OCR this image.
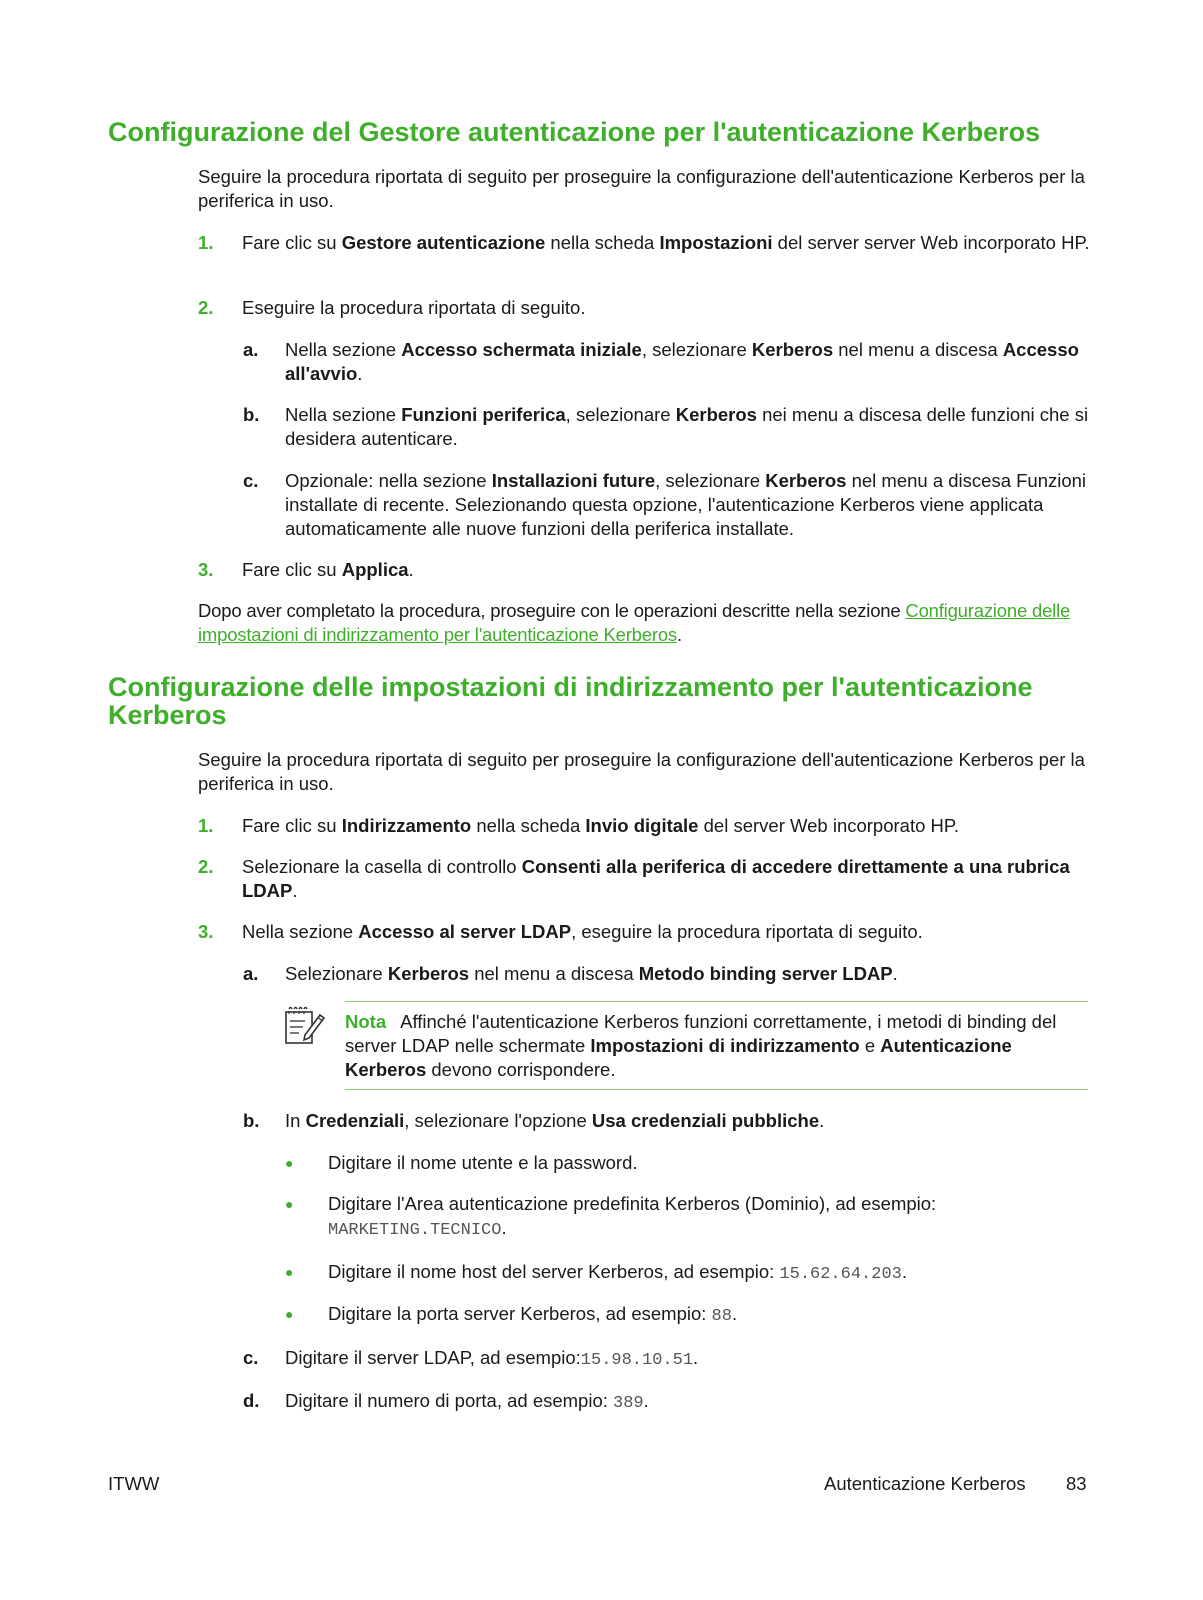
Configurazione del Gestore autenticazione per l'autenticazione Kerberos

Seguire la procedura riportata di seguito per proseguire la configurazione dell'autenticazione Kerberos per la periferica in uso.

1. Fare clic su Gestore autenticazione nella scheda Impostazioni del server server Web incorporato HP.
2. Eseguire la procedura riportata di seguito.
a. Nella sezione Accesso schermata iniziale, selezionare Kerberos nel menu a discesa Accesso all'avvio.
b. Nella sezione Funzioni periferica, selezionare Kerberos nei menu a discesa delle funzioni che si desidera autenticare.
c. Opzionale: nella sezione Installazioni future, selezionare Kerberos nel menu a discesa Funzioni installate di recente. Selezionando questa opzione, l'autenticazione Kerberos viene applicata automaticamente alle nuove funzioni della periferica installate.
3. Fare clic su Applica.

Dopo aver completato la procedura, proseguire con le operazioni descritte nella sezione Configurazione delle impostazioni di indirizzamento per l'autenticazione Kerberos.

Configurazione delle impostazioni di indirizzamento per l'autenticazione
Kerberos

Seguire la procedura riportata di seguito per proseguire la configurazione dell'autenticazione Kerberos per la periferica in uso.

1. Fare clic su Indirizzamento nella scheda Invio digitale del server Web incorporato HP.
2. Selezionare la casella di controllo Consenti alla periferica di accedere direttamente a una rubrica LDAP.
3. Nella sezione Accesso al server LDAP, eseguire la procedura riportata di seguito.
a. Selezionare Kerberos nel menu a discesa Metodo binding server LDAP.
Nota Affinché l'autenticazione Kerberos funzioni correttamente, i metodi di binding del server LDAP nelle schermate Impostazioni di indirizzamento e Autenticazione Kerberos devono corrispondere.
b. In Credenziali, selezionare l'opzione Usa credenziali pubbliche.
● Digitare il nome utente e la password.
● Digitare l'Area autenticazione predefinita Kerberos (Dominio), ad esempio:
MARKETING.TECNICO.
● Digitare il nome host del server Kerberos, ad esempio: 15.62.64.203.
● Digitare la porta server Kerberos, ad esempio: 88.
c. Digitare il server LDAP, ad esempio:15.98.10.51.
d. Digitare il numero di porta, ad esempio: 389.
ITWW	Autenticazione Kerberos 83
